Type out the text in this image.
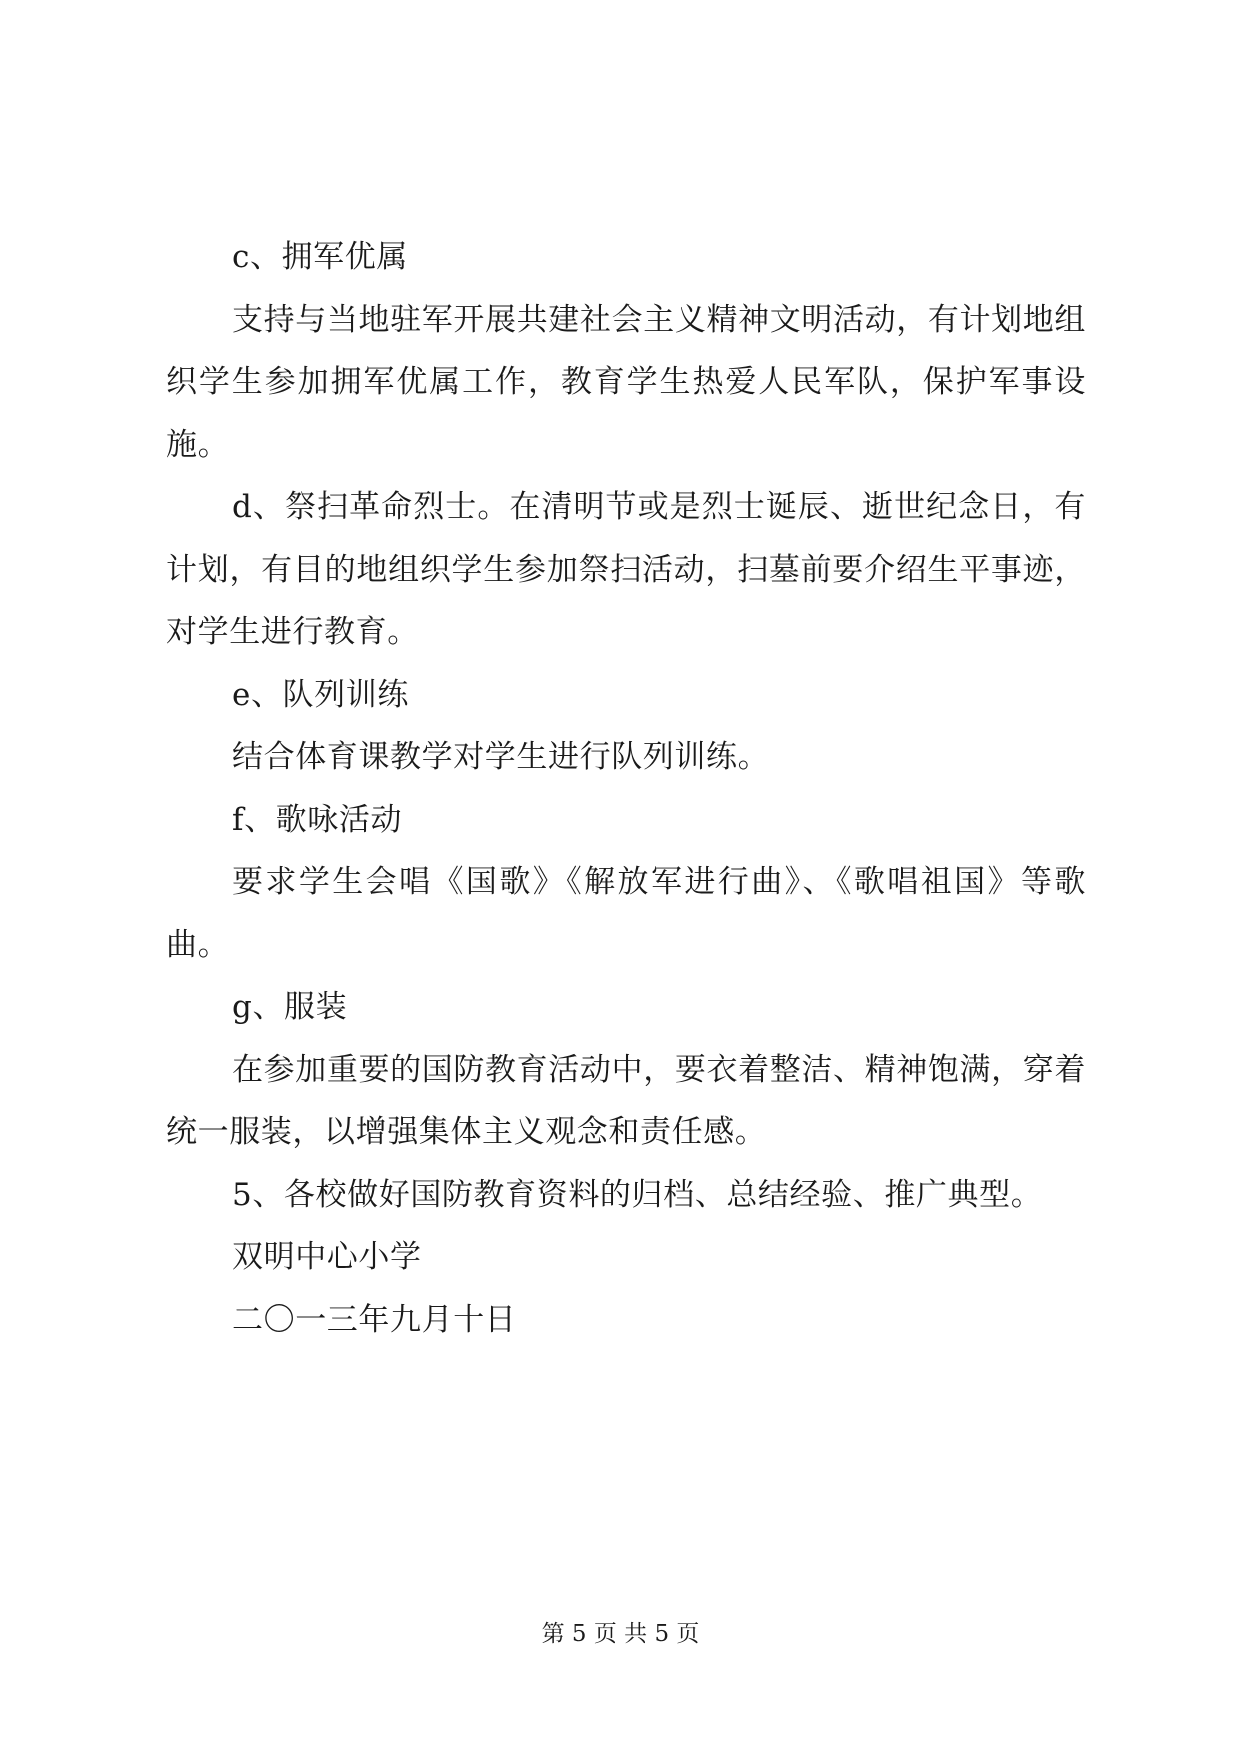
c、拥军优属

支持与当地驻军开展共建社会主义精神文明活动，有计划地组织学生参加拥军优属工作，教育学生热爱人民军队，保护军事设施。

d、祭扫革命烈士。在清明节或是烈士诞辰、逝世纪念日，有计划，有目的地组织学生参加祭扫活动，扫墓前要介绍生平事迹，对学生进行教育。

e、队列训练

结合体育课教学对学生进行队列训练。

f、歌咏活动

要求学生会唱《国歌》《解放军进行曲》、《歌唱祖国》等歌曲。

g、服装

在参加重要的国防教育活动中，要衣着整洁、精神饱满，穿着统一服装，以增强集体主义观念和责任感。

5、各校做好国防教育资料的归档、总结经验、推广典型。

双明中心小学

二〇一三年九月十日

第 5 页 共 5 页
